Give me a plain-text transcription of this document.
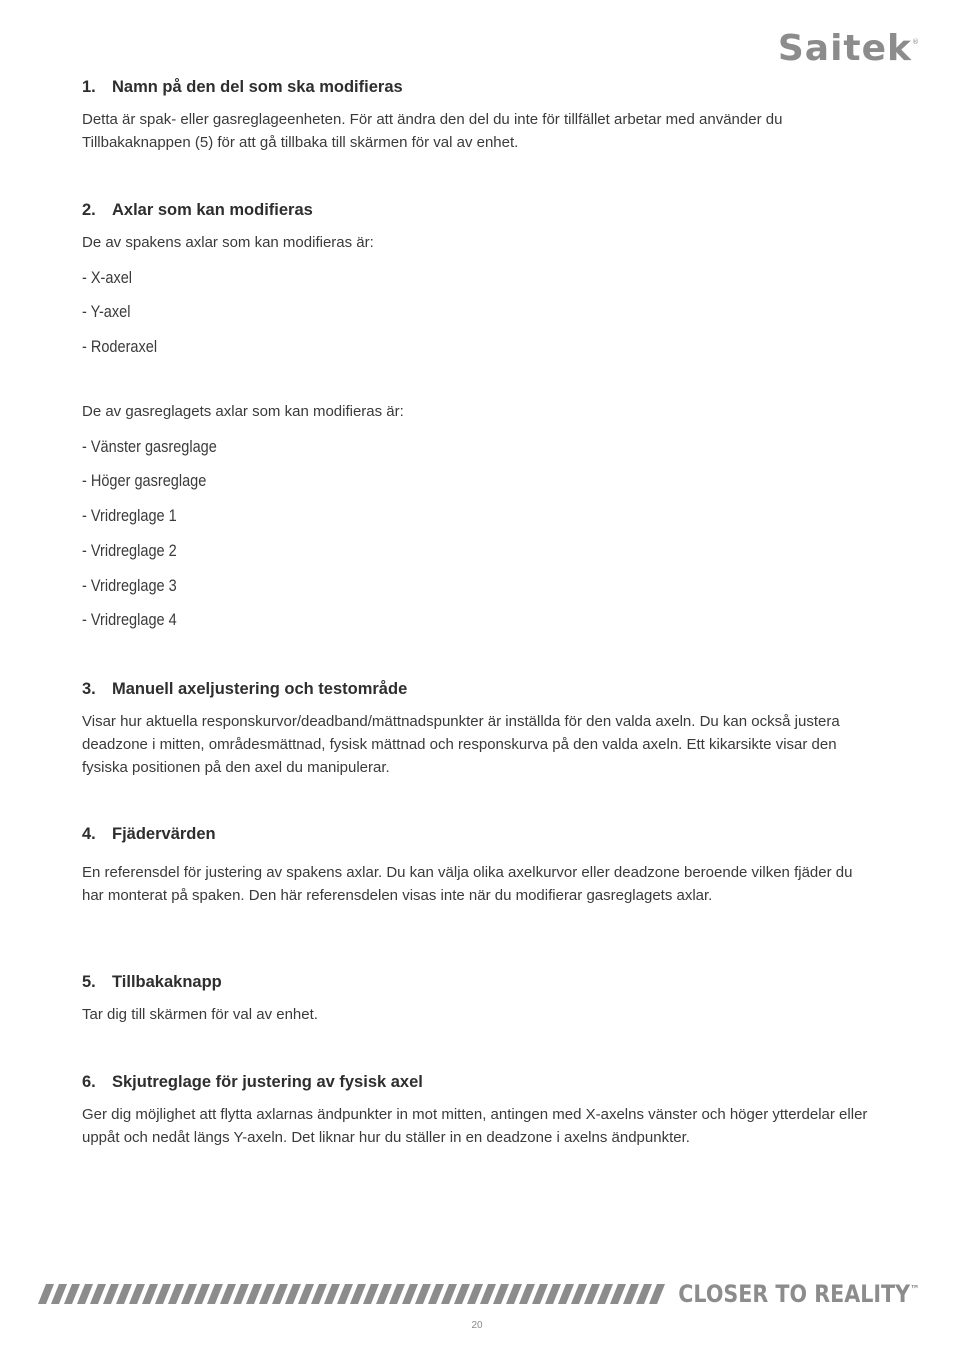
Saitek®
1. Namn på den del som ska modifieras

Detta är spak- eller gasreglageenheten. För att ändra den del du inte för tillfället arbetar med använder du Tillbakaknappen (5) för att gå tillbaka till skärmen för val av enhet.

2. Axlar som kan modifieras

De av spakens axlar som kan modifieras är:

- X-axel

- Y-axel

- Roderaxel

De av gasreglagets axlar som kan modifieras är:

- Vänster gasreglage

- Höger gasreglage

- Vridreglage 1

- Vridreglage 2

- Vridreglage 3

- Vridreglage 4

3. Manuell axeljustering och testområde

Visar hur aktuella responskurvor/deadband/mättnadspunkter är inställda för den valda axeln. Du kan också justera deadzone i mitten, områdesmättnad, fysisk mättnad och responskurva på den valda axeln. Ett kikarsikte visar den fysiska positionen på den axel du manipulerar.

4. Fjädervärden

En referensdel för justering av spakens axlar. Du kan välja olika axelkurvor eller deadzone beroende vilken fjäder du har monterat på spaken. Den här referensdelen visas inte när du modifierar gasreglagets axlar.

5. Tillbakaknapp

Tar dig till skärmen för val av enhet.

6. Skjutreglage för justering av fysisk axel

Ger dig möjlighet att flytta axlarnas ändpunkter in mot mitten, antingen med X-axelns vänster och höger ytterdelar eller uppåt och nedåt längs Y-axeln. Det liknar hur du ställer in en deadzone i axelns ändpunkter.

CLOSER TO REALITY™
20
